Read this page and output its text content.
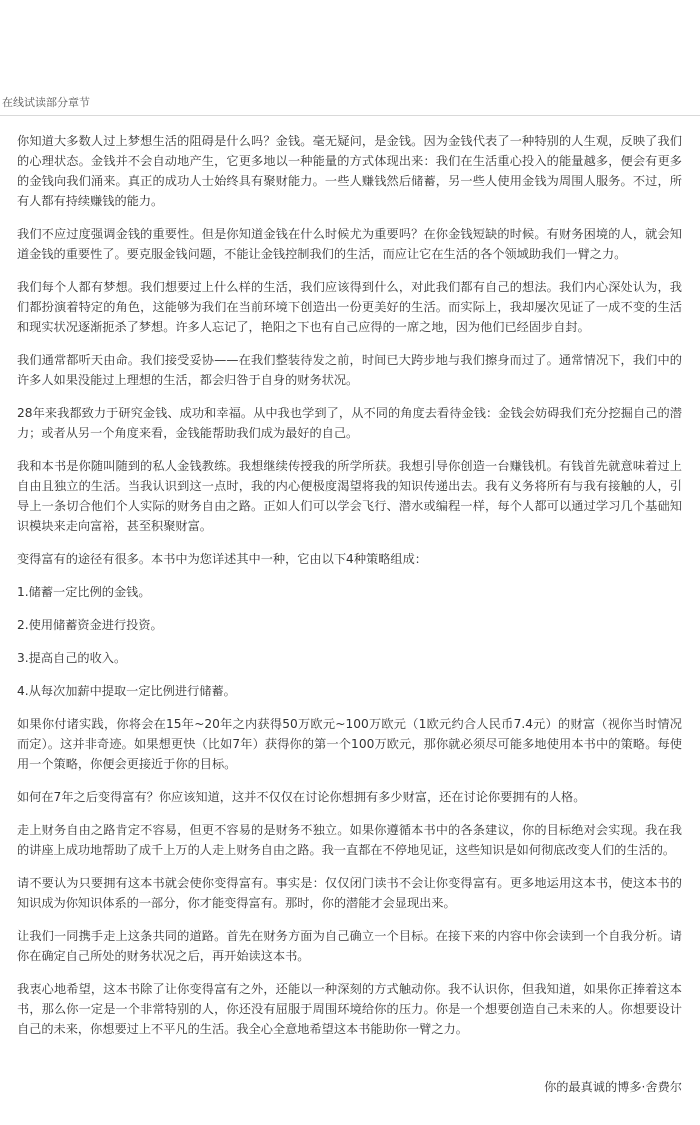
在线试读部分章节

你知道大多数人过上梦想生活的阻碍是什么吗？金钱。毫无疑问，是金钱。因为金钱代表了一种特别的人生观，反映了我们的心理状态。金钱并不会自动地产生，它更多地以一种能量的方式体现出来：我们在生活重心投入的能量越多，便会有更多的金钱向我们涌来。真正的成功人士始终具有聚财能力。一些人赚钱然后储蓄，另一些人使用金钱为周围人服务。不过，所有人都有持续赚钱的能力。

我们不应过度强调金钱的重要性。但是你知道金钱在什么时候尤为重要吗？在你金钱短缺的时候。有财务困境的人，就会知道金钱的重要性了。要克服金钱问题，不能让金钱控制我们的生活，而应让它在生活的各个领域助我们一臂之力。

我们每个人都有梦想。我们想要过上什么样的生活，我们应该得到什么，对此我们都有自己的想法。我们内心深处认为，我们都扮演着特定的角色，这能够为我们在当前环境下创造出一份更美好的生活。而实际上，我却屡次见证了一成不变的生活和现实状况逐渐扼杀了梦想。许多人忘记了，艳阳之下也有自己应得的一席之地，因为他们已经固步自封。

我们通常都听天由命。我们接受妥协——在我们整装待发之前，时间已大跨步地与我们擦身而过了。通常情况下，我们中的许多人如果没能过上理想的生活，都会归咎于自身的财务状况。

28年来我都致力于研究金钱、成功和幸福。从中我也学到了，从不同的角度去看待金钱：金钱会妨碍我们充分挖掘自己的潜力；或者从另一个角度来看，金钱能帮助我们成为最好的自己。

我和本书是你随叫随到的私人金钱教练。我想继续传授我的所学所获。我想引导你创造一台赚钱机。有钱首先就意味着过上自由且独立的生活。当我认识到这一点时，我的内心便极度渴望将我的知识传递出去。我有义务将所有与我有接触的人，引导上一条切合他们个人实际的财务自由之路。正如人们可以学会飞行、潜水或编程一样，每个人都可以通过学习几个基础知识模块来走向富裕，甚至积聚财富。

变得富有的途径有很多。本书中为您详述其中一种，它由以下4种策略组成：

1.储蓄一定比例的金钱。

2.使用储蓄资金进行投资。

3.提高自己的收入。

4.从每次加薪中提取一定比例进行储蓄。

如果你付诸实践，你将会在15年~20年之内获得50万欧元~100万欧元（1欧元约合人民币7.4元）的财富（视你当时情况而定）。这并非奇迹。如果想更快（比如7年）获得你的第一个100万欧元，那你就必须尽可能多地使用本书中的策略。每使用一个策略，你便会更接近于你的目标。

如何在7年之后变得富有？你应该知道，这并不仅仅在讨论你想拥有多少财富，还在讨论你要拥有的人格。

走上财务自由之路肯定不容易，但更不容易的是财务不独立。如果你遵循本书中的各条建议，你的目标绝对会实现。我在我的讲座上成功地帮助了成千上万的人走上财务自由之路。我一直都在不停地见证，这些知识是如何彻底改变人们的生活的。

请不要认为只要拥有这本书就会使你变得富有。事实是：仅仅闭门读书不会让你变得富有。更多地运用这本书，使这本书的知识成为你知识体系的一部分，你才能变得富有。那时，你的潜能才会显现出来。

让我们一同携手走上这条共同的道路。首先在财务方面为自己确立一个目标。在接下来的内容中你会读到一个自我分析。请你在确定自己所处的财务状况之后，再开始读这本书。

我衷心地希望，这本书除了让你变得富有之外，还能以一种深刻的方式触动你。我不认识你，但我知道，如果你正捧着这本书，那么你一定是一个非常特别的人，你还没有屈服于周围环境给你的压力。你是一个想要创造自己未来的人。你想要设计自己的未来，你想要过上不平凡的生活。我全心全意地希望这本书能助你一臂之力。

你的最真诚的博多·舍费尔
